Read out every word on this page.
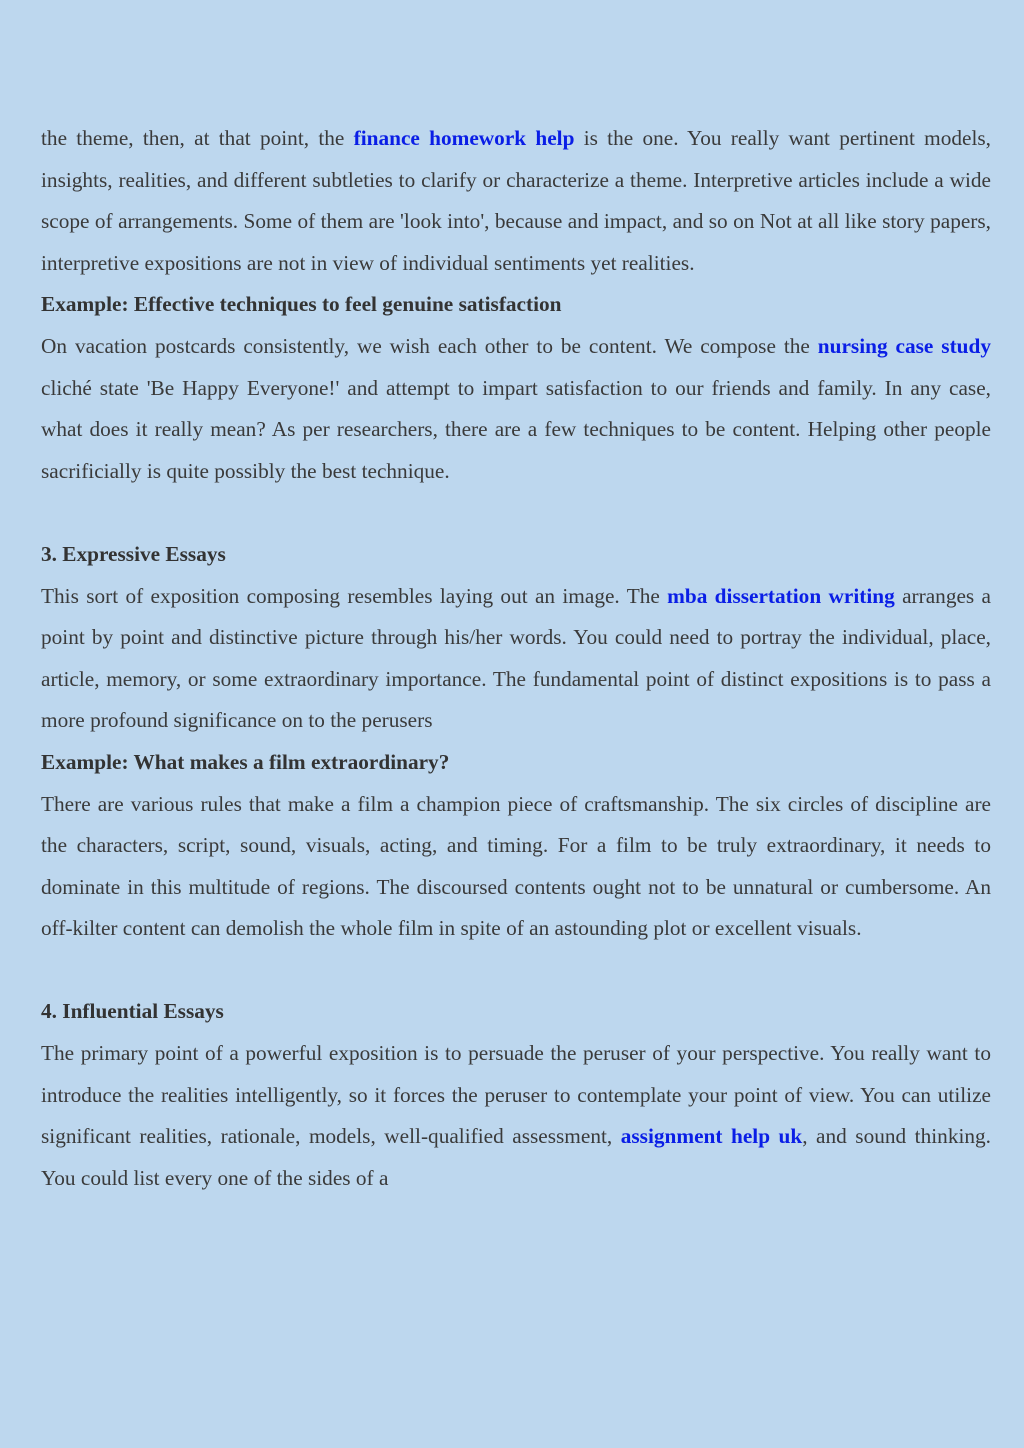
the theme, then, at that point, the finance homework help is the one. You really want pertinent models, insights, realities, and different subtleties to clarify or characterize a theme. Interpretive articles include a wide scope of arrangements. Some of them are 'look into', because and impact, and so on Not at all like story papers, interpretive expositions are not in view of individual sentiments yet realities.

Example: Effective techniques to feel genuine satisfaction

On vacation postcards consistently, we wish each other to be content. We compose the nursing case study cliché state 'Be Happy Everyone!' and attempt to impart satisfaction to our friends and family. In any case, what does it really mean? As per researchers, there are a few techniques to be content. Helping other people sacrificially is quite possibly the best technique.

3. Expressive Essays

This sort of exposition composing resembles laying out an image. The mba dissertation writing arranges a point by point and distinctive picture through his/her words. You could need to portray the individual, place, article, memory, or some extraordinary importance. The fundamental point of distinct expositions is to pass a more profound significance on to the perusers

Example: What makes a film extraordinary?

There are various rules that make a film a champion piece of craftsmanship. The six circles of discipline are the characters, script, sound, visuals, acting, and timing. For a film to be truly extraordinary, it needs to dominate in this multitude of regions. The discoursed contents ought not to be unnatural or cumbersome. An off-kilter content can demolish the whole film in spite of an astounding plot or excellent visuals.

4. Influential Essays

The primary point of a powerful exposition is to persuade the peruser of your perspective. You really want to introduce the realities intelligently, so it forces the peruser to contemplate your point of view. You can utilize significant realities, rationale, models, well-qualified assessment, assignment help uk, and sound thinking. You could list every one of the sides of a
